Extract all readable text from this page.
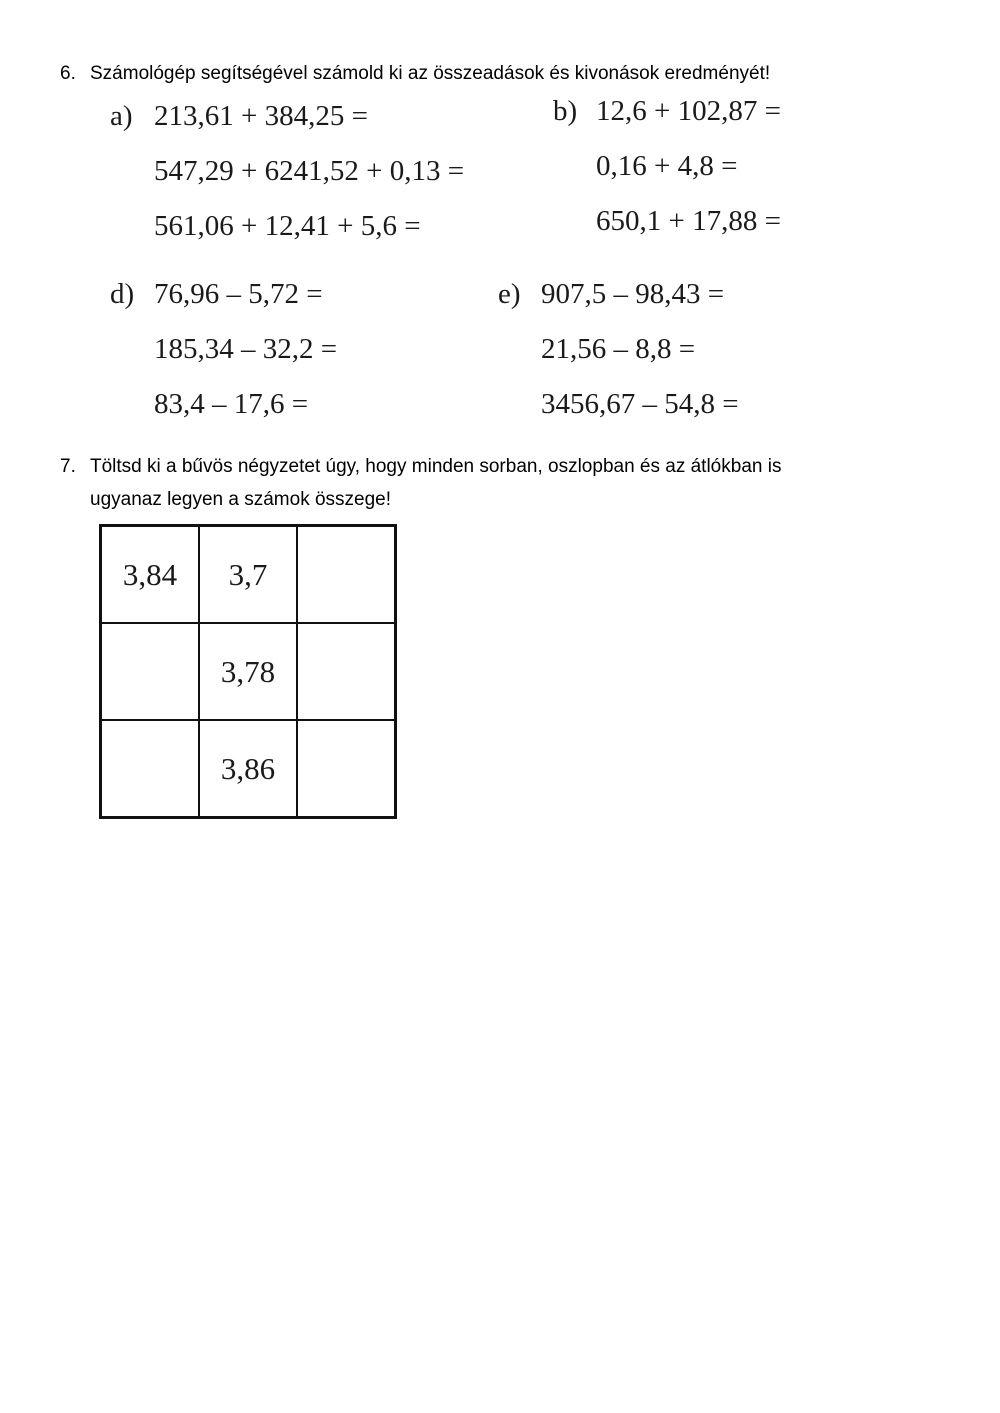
6. Számológép segítségével számold ki az összeadások és kivonások eredményét!
a) 213,61 + 384,25 =
547,29 + 6241,52 + 0,13 =
561,06 + 12,41 + 5,6 =
b) 12,6 + 102,87 =
0,16 + 4,8 =
650,1 + 17,88 =
d) 76,96 – 5,72 =
185,34 – 32,2 =
83,4 – 17,6 =
e) 907,5 – 98,43 =
21,56 – 8,8 =
3456,67 – 54,8 =
7. Töltsd ki a bűvös négyzetet úgy, hogy minden sorban, oszlopban és az átlókban is
ugyanaz legyen a számok összege!
3,84	3,7	
	3,78	
	3,86	
